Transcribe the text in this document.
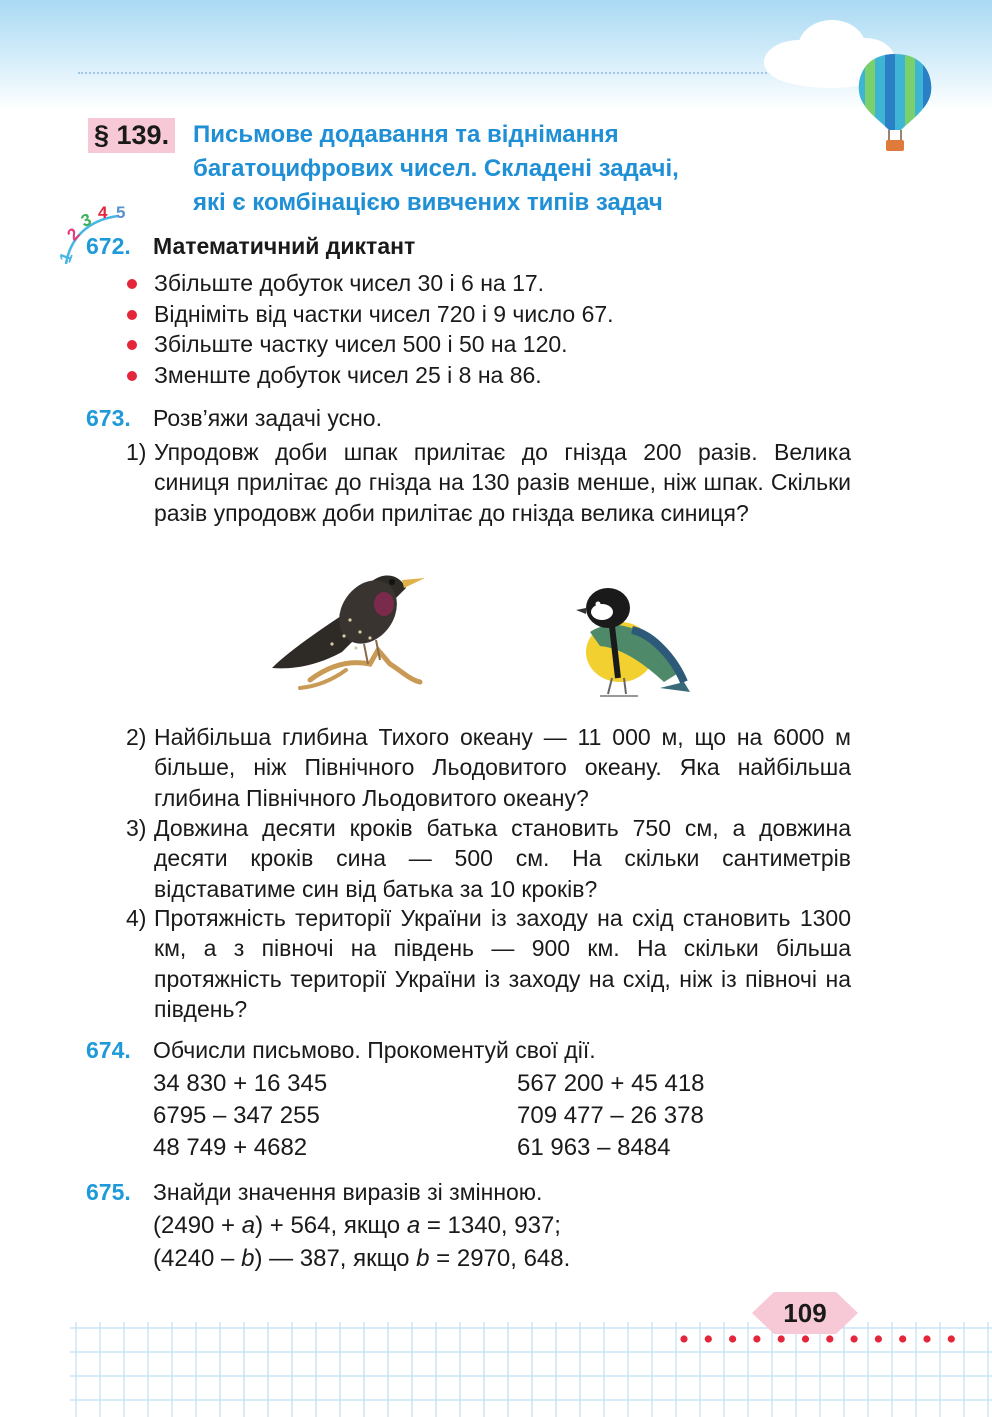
§ 139. Письмове додавання та віднімання
багатоцифрових чисел. Складені задачі,
які є комбінацією вивчених типів задач
1
2
3 4 5
672. Математичний диктант
Збільште добуток чисел 30 і 6 на 17.
Відніміть від частки чисел 720 і 9 число 67.
Збільште частку чисел 500 і 50 на 120.
Зменште добуток чисел 25 і 8 на 86.
673. Розв’яжи задачі усно.
1) Упродовж доби шпак прилітає до гнізда 200 разів. Велика синиця прилітає до гнізда на 130 разів менше, ніж шпак. Скільки разів упродовж доби прилітає до гнізда велика синиця?
2) Найбільша глибина Тихого океану — 11 000 м, що на 6000 м більше, ніж Північного Льодовитого океану. Яка найбільша глибина Північного Льодовитого океану?
3) Довжина десяти кроків батька становить 750 см, а довжина десяти кроків сина — 500 см. На скільки сантиметрів відставатиме син від батька за 10 кроків?
4) Протяжність території України із заходу на схід становить 1300 км, а з півночі на південь — 900 км. На скільки більша протяжність території України із заходу на схід, ніж із півночі на південь?
674. Обчисли письмово. Прокоментуй свої дії.
34 830 + 16 345
6795 – 347 255
48 749 + 4682
567 200 + 45 418
709 477 – 26 378
61 963 – 8484
675. Знайди значення виразів зі змінною.
(2490 + a) + 564, якщо a = 1340, 937;
(4240 – b) — 387, якщо b = 2970, 648.
109
